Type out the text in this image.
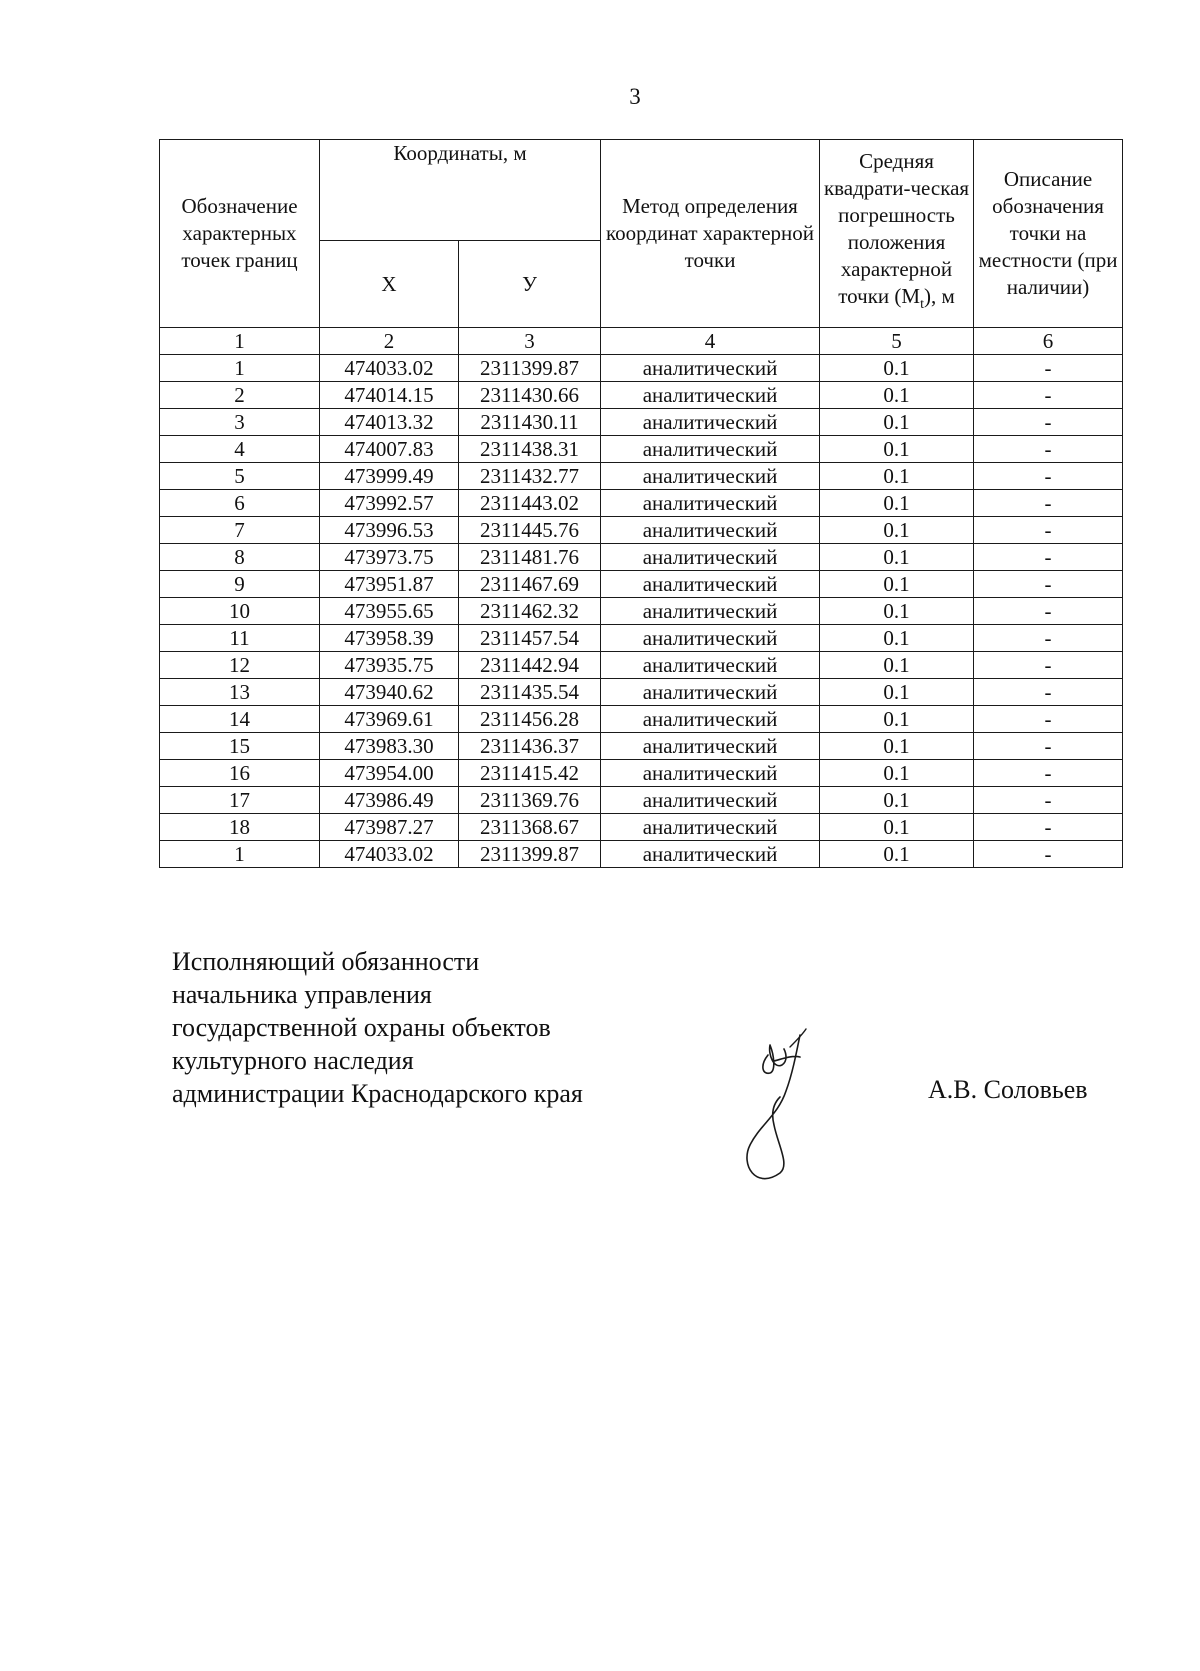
3
Обозначение характерных точек границ	Координаты, м		Метод определения координат характерной точки	Средняя квадрати-ческая погрешность положения характерной точки $(M_t)$, м	Описание обозначения точки на местности (при наличии)
	Х	У			
1	2	3	4	5	6
1	474033.02	2311399.87	аналитический	0.1	-
2	474014.15	2311430.66	аналитический	0.1	-
3	474013.32	2311430.11	аналитический	0.1	-
4	474007.83	2311438.31	аналитический	0.1	-
5	473999.49	2311432.77	аналитический	0.1	-
6	473992.57	2311443.02	аналитический	0.1	-
7	473996.53	2311445.76	аналитический	0.1	-
8	473973.75	2311481.76	аналитический	0.1	-
9	473951.87	2311467.69	аналитический	0.1	-
10	473955.65	2311462.32	аналитический	0.1	-
11	473958.39	2311457.54	аналитический	0.1	-
12	473935.75	2311442.94	аналитический	0.1	-
13	473940.62	2311435.54	аналитический	0.1	-
14	473969.61	2311456.28	аналитический	0.1	-
15	473983.30	2311436.37	аналитический	0.1	-
16	473954.00	2311415.42	аналитический	0.1	-
17	473986.49	2311369.76	аналитический	0.1	-
18	473987.27	2311368.67	аналитический	0.1	-
1	474033.02	2311399.87	аналитический	0.1	-
Исполняющий обязанности
начальника управления
государственной охраны объектов
культурного наследия
администрации Краснодарского края	А.В. Соловьев
